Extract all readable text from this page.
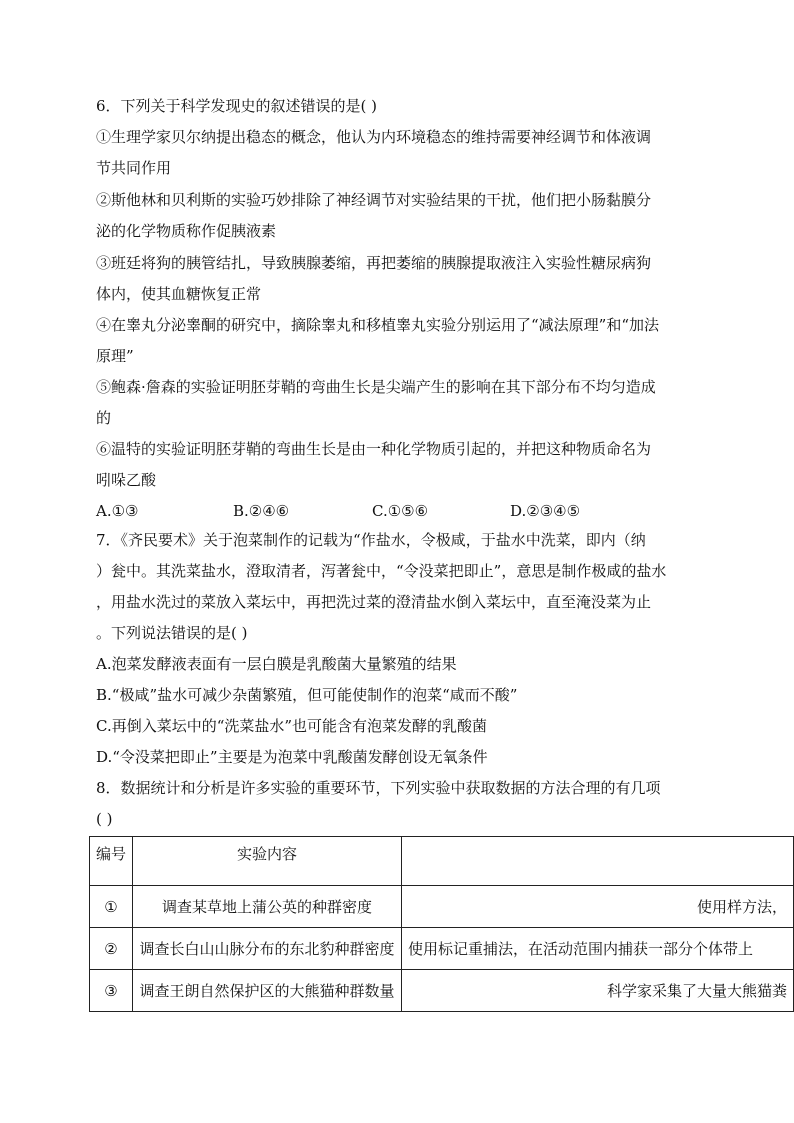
6．下列关于科学发现史的叙述错误的是( )
①生理学家贝尔纳提出稳态的概念，他认为内环境稳态的维持需要神经调节和体液调
节共同作用
②斯他林和贝利斯的实验巧妙排除了神经调节对实验结果的干扰，他们把小肠黏膜分
泌的化学物质称作促胰液素
③班廷将狗的胰管结扎，导致胰腺萎缩，再把萎缩的胰腺提取液注入实验性糖尿病狗
体内，使其血糖恢复正常
④在睾丸分泌睾酮的研究中，摘除睾丸和移植睾丸实验分别运用了“减法原理”和“加法
原理”
⑤鲍森·詹森的实验证明胚芽鞘的弯曲生长是尖端产生的影响在其下部分布不均匀造成
的
⑥温特的实验证明胚芽鞘的弯曲生长是由一种化学物质引起的，并把这种物质命名为
吲哚乙酸
A.①③	B.②④⑥	C.①⑤⑥	D.②③④⑤
7．《齐民要术》关于泡菜制作的记载为“作盐水，令极咸，于盐水中洗菜，即内（纳
）瓮中。其洗菜盐水，澄取清者，泻著瓮中，“令没菜把即止”，意思是制作极咸的盐水
，用盐水洗过的菜放入菜坛中，再把洗过菜的澄清盐水倒入菜坛中，直至淹没菜为止
。下列说法错误的是( )
A.泡菜发酵液表面有一层白膜是乳酸菌大量繁殖的结果
B.“极咸”盐水可减少杂菌繁殖，但可能使制作的泡菜“咸而不酸”
C.再倒入菜坛中的“洗菜盐水”也可能含有泡菜发酵的乳酸菌
D.“令没菜把即止”主要是为泡菜中乳酸菌发酵创设无氧条件
8．数据统计和分析是许多实验的重要环节，下列实验中获取数据的方法合理的有几项
( )
编号	实验内容	
①	调查某草地上蒲公英的种群密度	使用样方法，
②	调查长白山山脉分布的东北豹种群密度	使用标记重捕法，在活动范围内捕获一部分个体带上
③	调查王朗自然保护区的大熊猫种群数量	科学家采集了大量大熊猫粪
